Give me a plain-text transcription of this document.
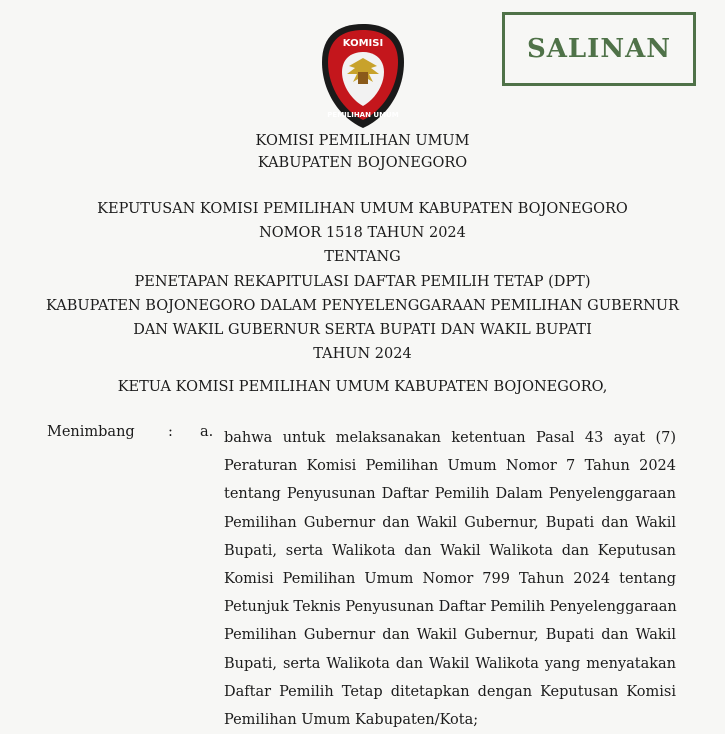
SALINAN
KOMISI
PEMILIHAN UMUM
KOMISI PEMILIHAN UMUM
KABUPATEN BOJONEGORO
KEPUTUSAN KOMISI PEMILIHAN UMUM KABUPATEN BOJONEGORO
NOMOR 1518 TAHUN 2024
TENTANG
PENETAPAN REKAPITULASI DAFTAR PEMILIH TETAP (DPT)
KABUPATEN BOJONEGORO DALAM PENYELENGGARAAN PEMILIHAN GUBERNUR
DAN WAKIL GUBERNUR SERTA BUPATI DAN WAKIL BUPATI
TAHUN 2024
KETUA KOMISI PEMILIHAN UMUM KABUPATEN BOJONEGORO,
Menimbang : a. bahwa untuk melaksanakan ketentuan Pasal 43 ayat (7)
Peraturan Komisi Pemilihan Umum Nomor 7 Tahun 2024
tentang Penyusunan Daftar Pemilih Dalam Penyelenggaraan
Pemilihan Gubernur dan Wakil Gubernur, Bupati dan Wakil
Bupati, serta Walikota dan Wakil Walikota dan Keputusan
Komisi Pemilihan Umum Nomor 799 Tahun 2024 tentang
Petunjuk Teknis Penyusunan Daftar Pemilih Penyelenggaraan
Pemilihan Gubernur dan Wakil Gubernur, Bupati dan Wakil
Bupati, serta Walikota dan Wakil Walikota yang menyatakan
Daftar Pemilih Tetap ditetapkan dengan Keputusan Komisi
Pemilihan Umum Kabupaten/Kota;
